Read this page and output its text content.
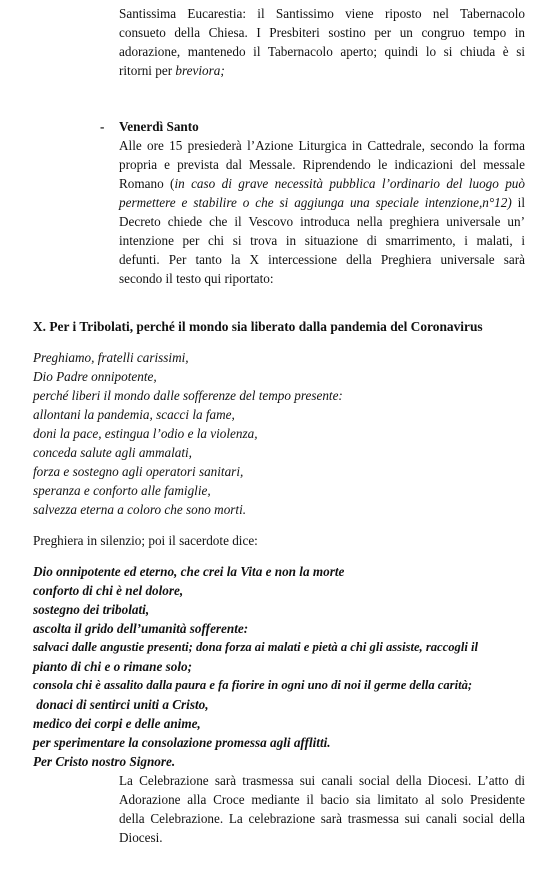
Santissima Eucarestia: il Santissimo viene riposto nel Tabernacolo
consueto della Chiesa. I Presbiteri sostino per un congruo tempo in
adorazione, mantenedo il Tabernacolo aperto; quindi lo si chiuda è si
ritorni per breviora;
- Venerdì Santo
Alle ore 15 presiederà l’Azione Liturgica in Cattedrale, secondo la forma
propria e prevista dal Messale. Riprendendo le indicazioni del messale
Romano (in caso di grave necessità pubblica l’ordinario del luogo può
permettere e stabilire o che si aggiunga una speciale intenzione,n°12) il
Decreto chiede che il Vescovo introduca nella preghiera universale un’
intenzione per chi si trova in situazione di smarrimento, i malati, i
defunti. Per tanto la X intercessione della Preghiera universale sarà
secondo il testo qui riportato:
X. Per i Tribolati, perché il mondo sia liberato dalla pandemia del Coronavirus
Preghiamo, fratelli carissimi,
Dio Padre onnipotente,
perché liberi il mondo dalle sofferenze del tempo presente:
allontani la pandemia, scacci la fame,
doni la pace, estingua l’odio e la violenza,
conceda salute agli ammalati,
forza e sostegno agli operatori sanitari,
speranza e conforto alle famiglie,
salvezza eterna a coloro che sono morti.
Preghiera in silenzio; poi il sacerdote dice:
Dio onnipotente ed eterno, che crei la Vita e non la morte
conforto di chi è nel dolore,
sostegno dei tribolati,
ascolta il grido dell’umanità sofferente:
salvaci dalle angustie presenti; dona forza ai malati e pietà a chi gli assiste, raccogli il
pianto di chi e o rimane solo;
consola chi è assalito dalla paura e fa fiorire in ogni uno di noi il germe della carità;
donaci di sentirci uniti a Cristo,
medico dei corpi e delle anime,
per sperimentare la consolazione promessa agli afflitti.
Per Cristo nostro Signore.
La Celebrazione sarà trasmessa sui canali social della Diocesi. L’atto di
Adorazione alla Croce mediante il bacio sia limitato al solo Presidente
della Celebrazione. La celebrazione sarà trasmessa sui canali social della
Diocesi.
